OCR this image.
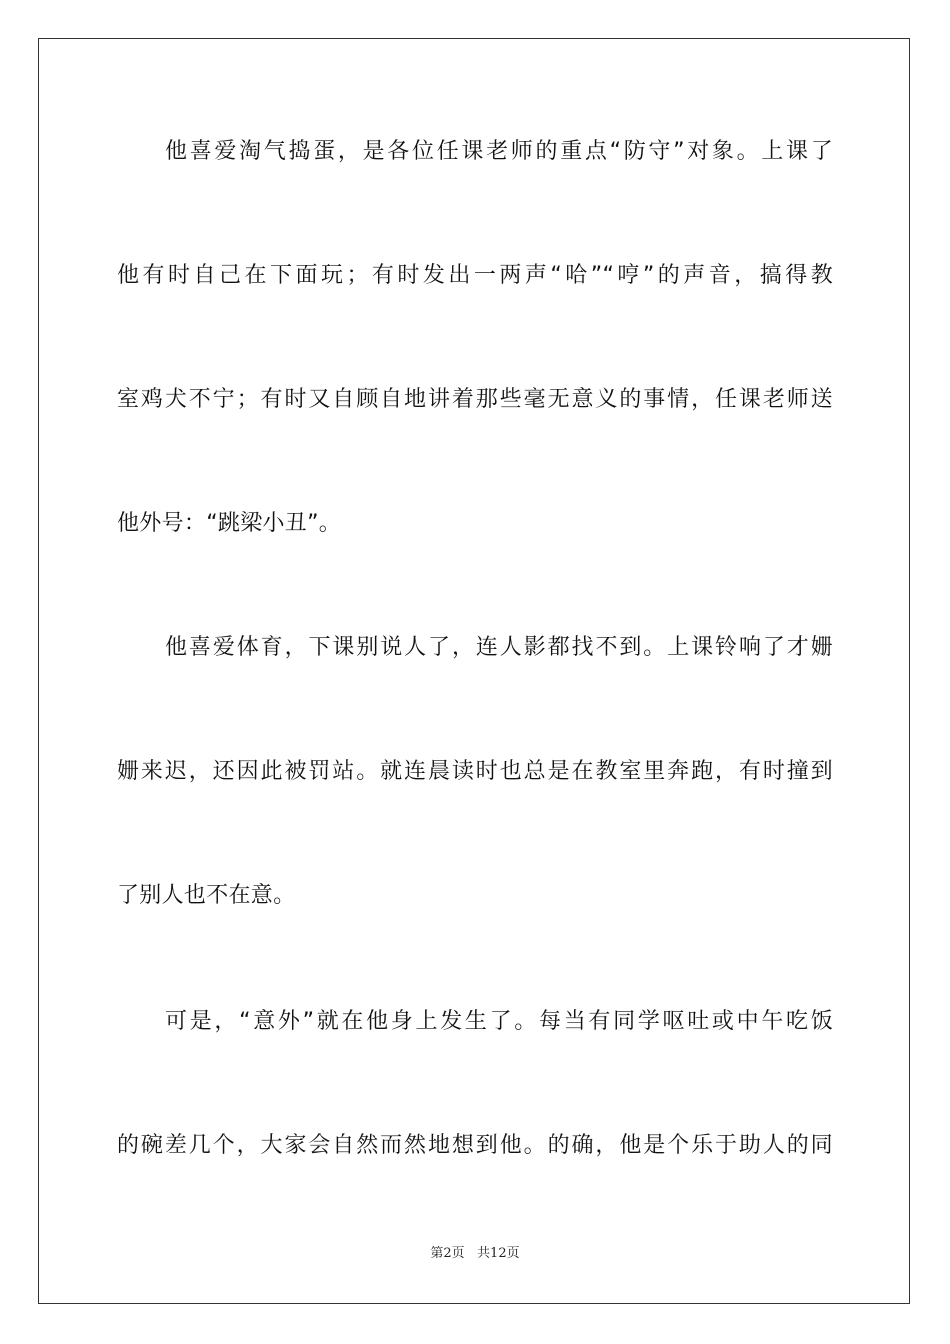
他喜爱淘气捣蛋，是各位任课老师的重点“防守”对象。上课了
他有时自己在下面玩；有时发出一两声“哈”“哼”的声音，搞得教
室鸡犬不宁；有时又自顾自地讲着那些毫无意义的事情，任课老师送
他外号：“跳梁小丑”。
他喜爱体育，下课别说人了，连人影都找不到。上课铃响了才姗
姗来迟，还因此被罚站。就连晨读时也总是在教室里奔跑，有时撞到
了别人也不在意。
可是，“意外”就在他身上发生了。每当有同学呕吐或中午吃饭
的碗差几个，大家会自然而然地想到他。的确，他是个乐于助人的同
第2页   共12页
